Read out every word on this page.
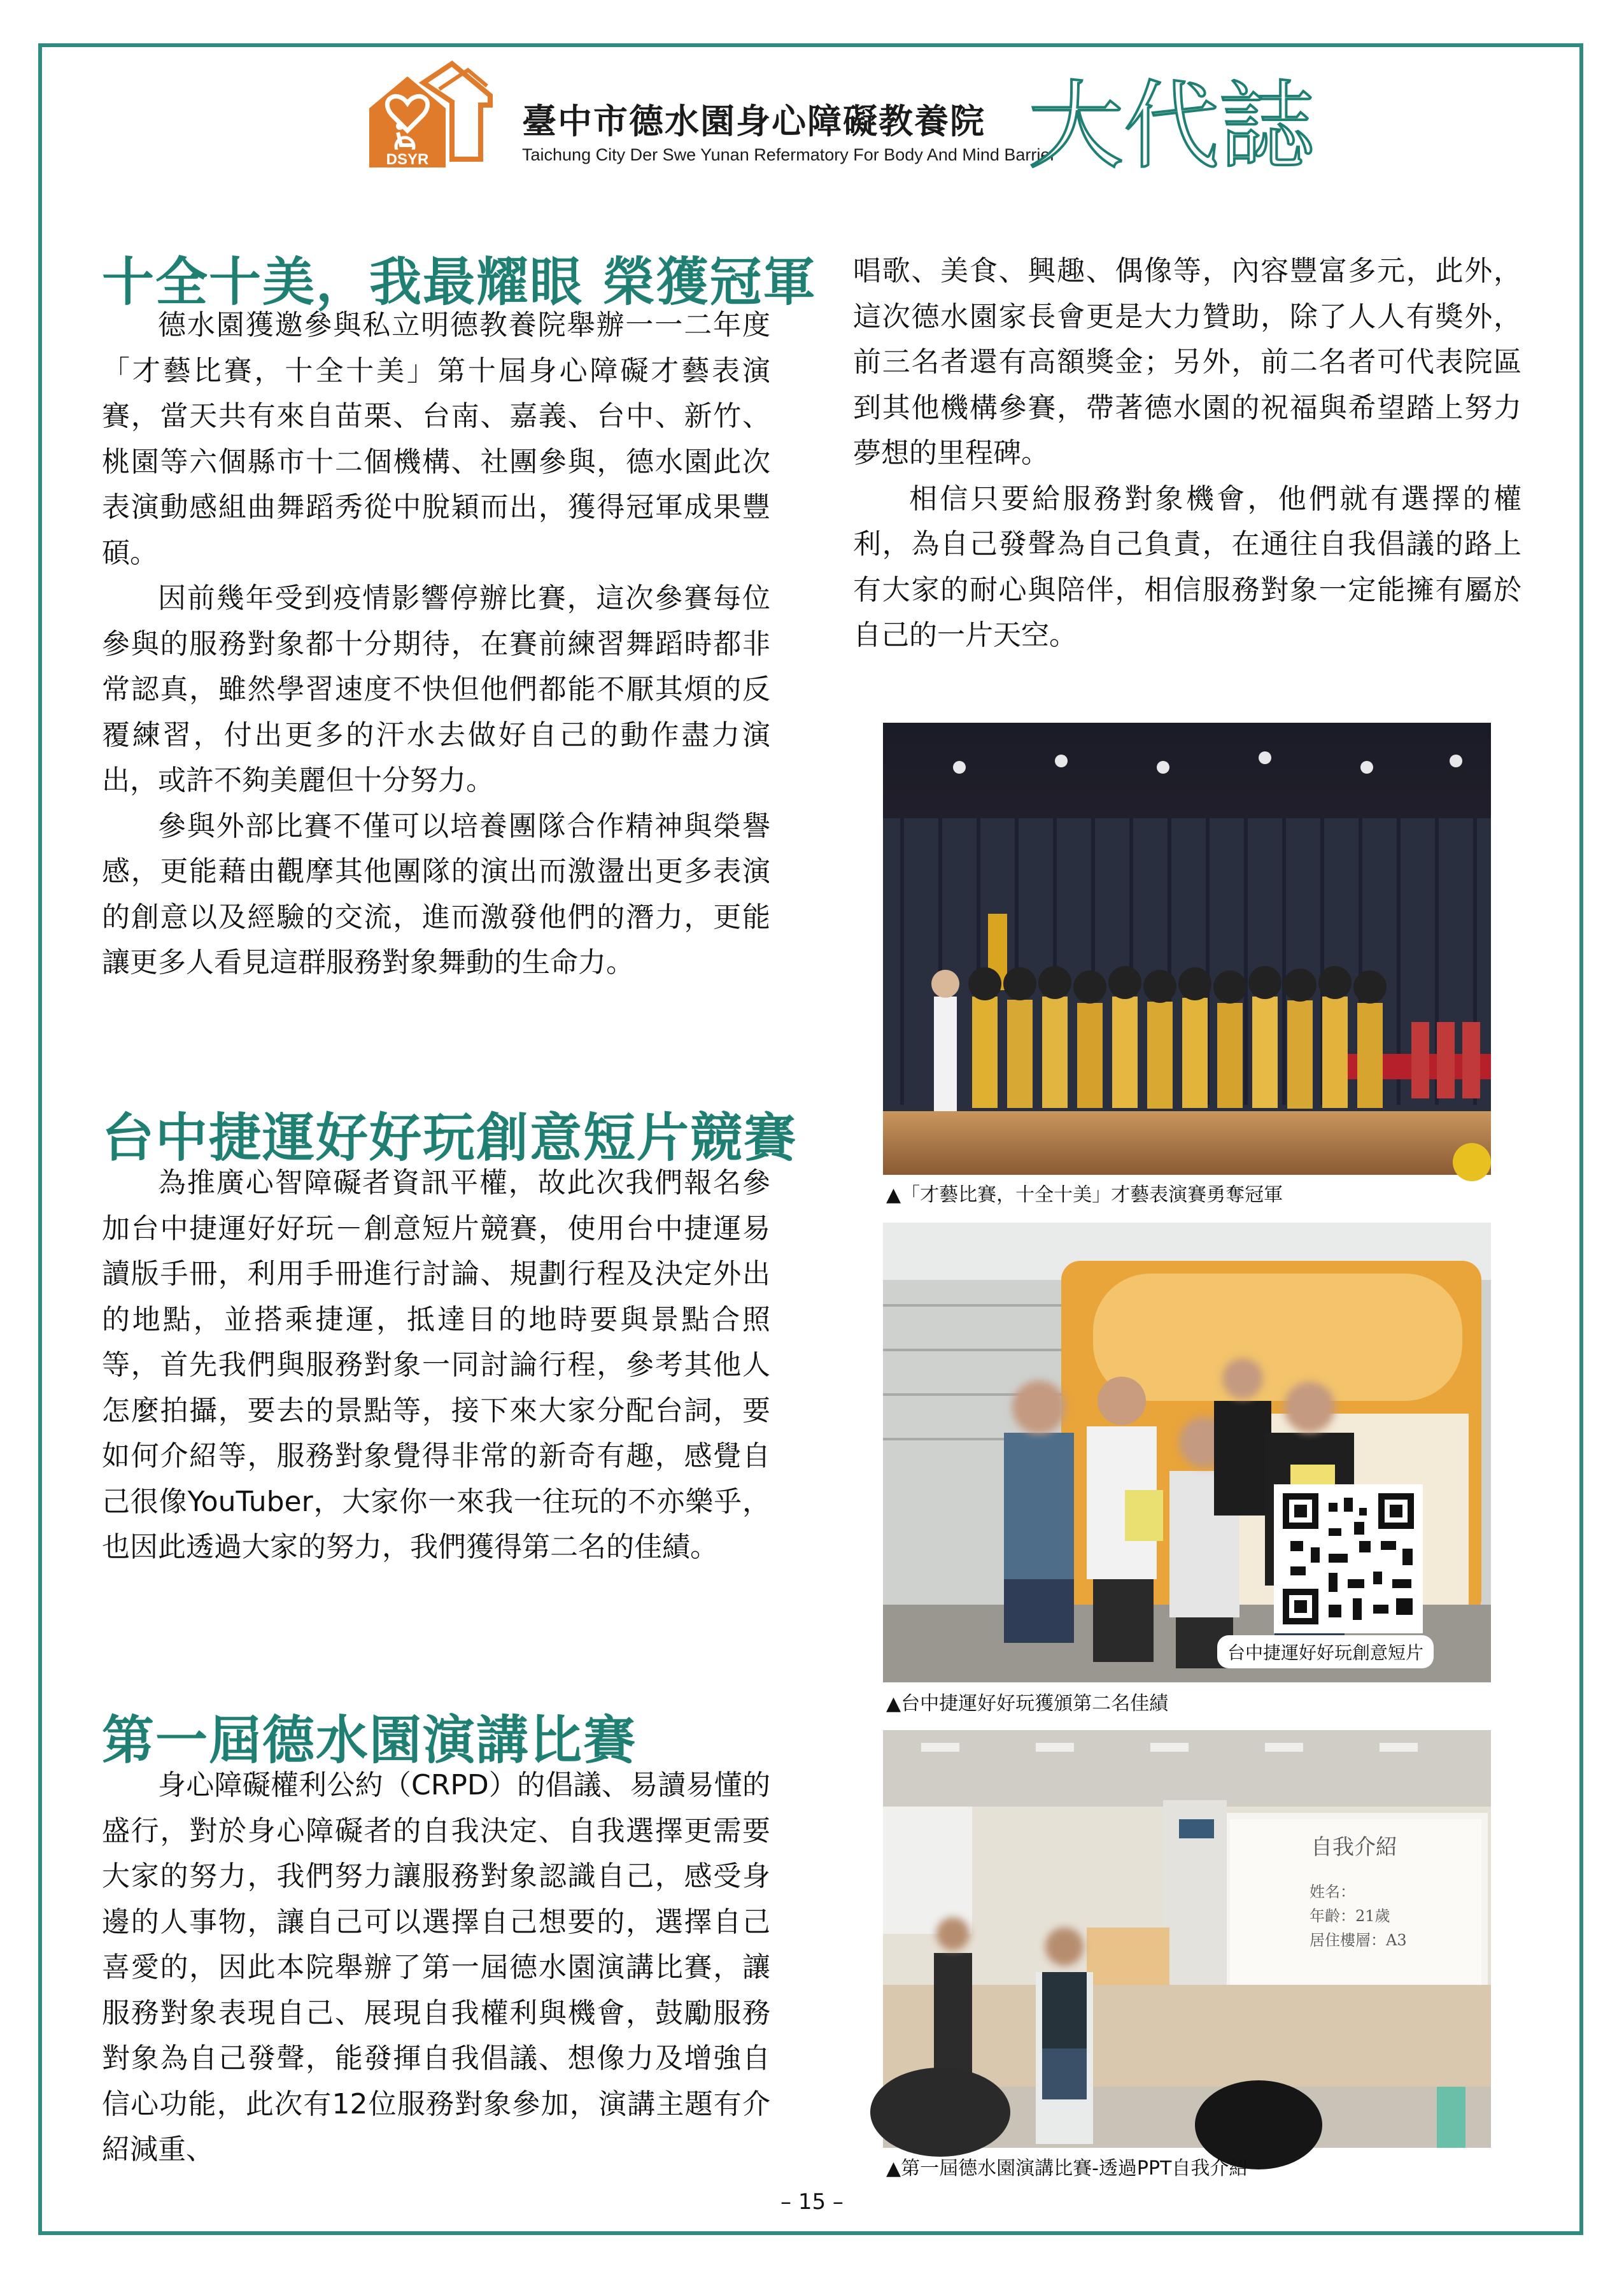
DSYR
臺中市德水園身心障礙教養院
Taichung City Der Swe Yunan Refermatory For Body And Mind Barrier
大代誌
十全十美，我最耀眼 榮獲冠軍

德水園獲邀參與私立明德教養院舉辦一一二年度「才藝比賽，十全十美」第十屆身心障礙才藝表演賽，當天共有來自苗栗、台南、嘉義、台中、新竹、桃園等六個縣市十二個機構、社團參與，德水園此次表演動感組曲舞蹈秀從中脫穎而出，獲得冠軍成果豐碩。

因前幾年受到疫情影響停辦比賽，這次參賽每位參與的服務對象都十分期待，在賽前練習舞蹈時都非常認真，雖然學習速度不快但他們都能不厭其煩的反覆練習，付出更多的汗水去做好自己的動作盡力演出，或許不夠美麗但十分努力。

參與外部比賽不僅可以培養團隊合作精神與榮譽感，更能藉由觀摩其他團隊的演出而激盪出更多表演的創意以及經驗的交流，進而激發他們的潛力，更能讓更多人看見這群服務對象舞動的生命力。

台中捷運好好玩創意短片競賽

為推廣心智障礙者資訊平權，故此次我們報名參加台中捷運好好玩－創意短片競賽，使用台中捷運易讀版手冊，利用手冊進行討論、規劃行程及決定外出的地點，並搭乘捷運，抵達目的地時要與景點合照等，首先我們與服務對象一同討論行程，參考其他人怎麼拍攝，要去的景點等，接下來大家分配台詞，要如何介紹等，服務對象覺得非常的新奇有趣，感覺自己很像YouTuber，大家你一來我一往玩的不亦樂乎，也因此透過大家的努力，我們獲得第二名的佳績。

第一屆德水園演講比賽

身心障礙權利公約（CRPD）的倡議、易讀易懂的盛行，對於身心障礙者的自我決定、自我選擇更需要大家的努力，我們努力讓服務對象認識自己，感受身邊的人事物，讓自己可以選擇自己想要的，選擇自己喜愛的，因此本院舉辦了第一屆德水園演講比賽，讓服務對象表現自己、展現自我權利與機會，鼓勵服務對象為自己發聲，能發揮自我倡議、想像力及增強自信心功能，此次有12位服務對象參加，演講主題有介紹減重、

唱歌、美食、興趣、偶像等，內容豐富多元，此外，這次德水園家長會更是大力贊助，除了人人有獎外，前三名者還有高額獎金；另外，前二名者可代表院區到其他機構參賽，帶著德水園的祝福與希望踏上努力夢想的里程碑。

相信只要給服務對象機會，他們就有選擇的權利，為自己發聲為自己負責，在通往自我倡議的路上有大家的耐心與陪伴，相信服務對象一定能擁有屬於自己的一片天空。

▲「才藝比賽，十全十美」才藝表演賽勇奪冠軍
台中捷運好好玩創意短片
▲台中捷運好好玩獲頒第二名佳績
自我介紹
姓名：
年齡：21歲
居住樓層：A3
▲第一屆德水園演講比賽-透過PPT自我介紹
– 15 –
